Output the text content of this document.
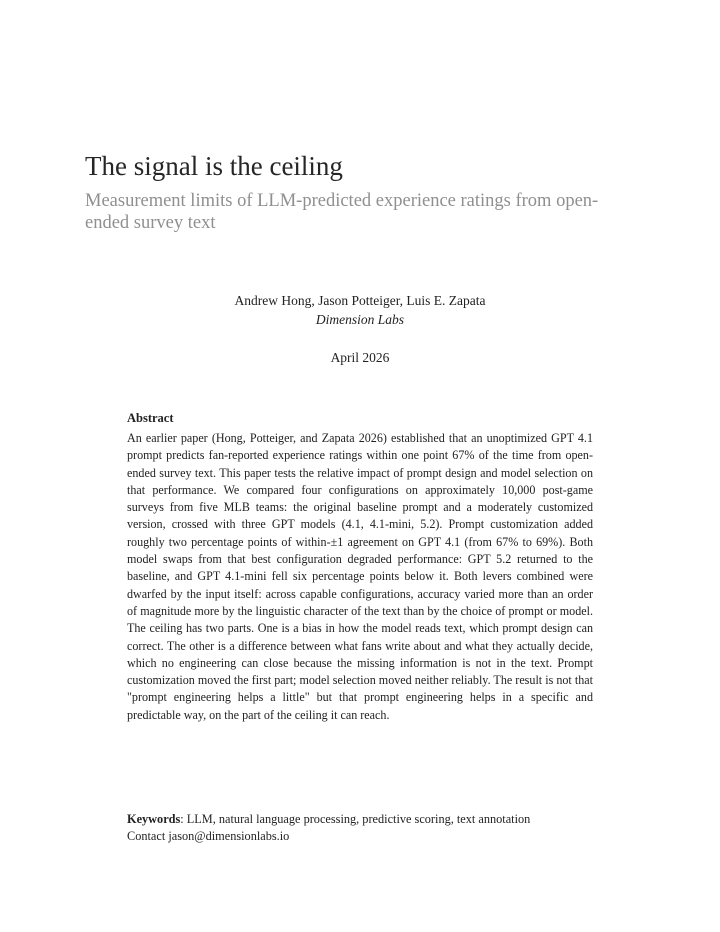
The signal is the ceiling
Measurement limits of LLM-predicted experience ratings from open-ended survey text
Andrew Hong, Jason Potteiger, Luis E. Zapata
Dimension Labs
April 2026
Abstract
An earlier paper (Hong, Potteiger, and Zapata 2026) established that an unoptimized GPT 4.1 prompt predicts fan-reported experience ratings within one point 67% of the time from open-ended survey text. This paper tests the relative impact of prompt design and model selection on that performance. We compared four configurations on approximately 10,000 post-game surveys from five MLB teams: the original baseline prompt and a moderately customized version, crossed with three GPT models (4.1, 4.1-mini, 5.2). Prompt customization added roughly two percentage points of within-±1 agreement on GPT 4.1 (from 67% to 69%). Both model swaps from that best configuration degraded performance: GPT 5.2 returned to the baseline, and GPT 4.1-mini fell six percentage points below it. Both levers combined were dwarfed by the input itself: across capable configurations, accuracy varied more than an order of magnitude more by the linguistic character of the text than by the choice of prompt or model. The ceiling has two parts. One is a bias in how the model reads text, which prompt design can correct. The other is a difference between what fans write about and what they actually decide, which no engineering can close because the missing information is not in the text. Prompt customization moved the first part; model selection moved neither reliably. The result is not that "prompt engineering helps a little" but that prompt engineering helps in a specific and predictable way, on the part of the ceiling it can reach.
Keywords: LLM, natural language processing, predictive scoring, text annotation
Contact jason@dimensionlabs.io
